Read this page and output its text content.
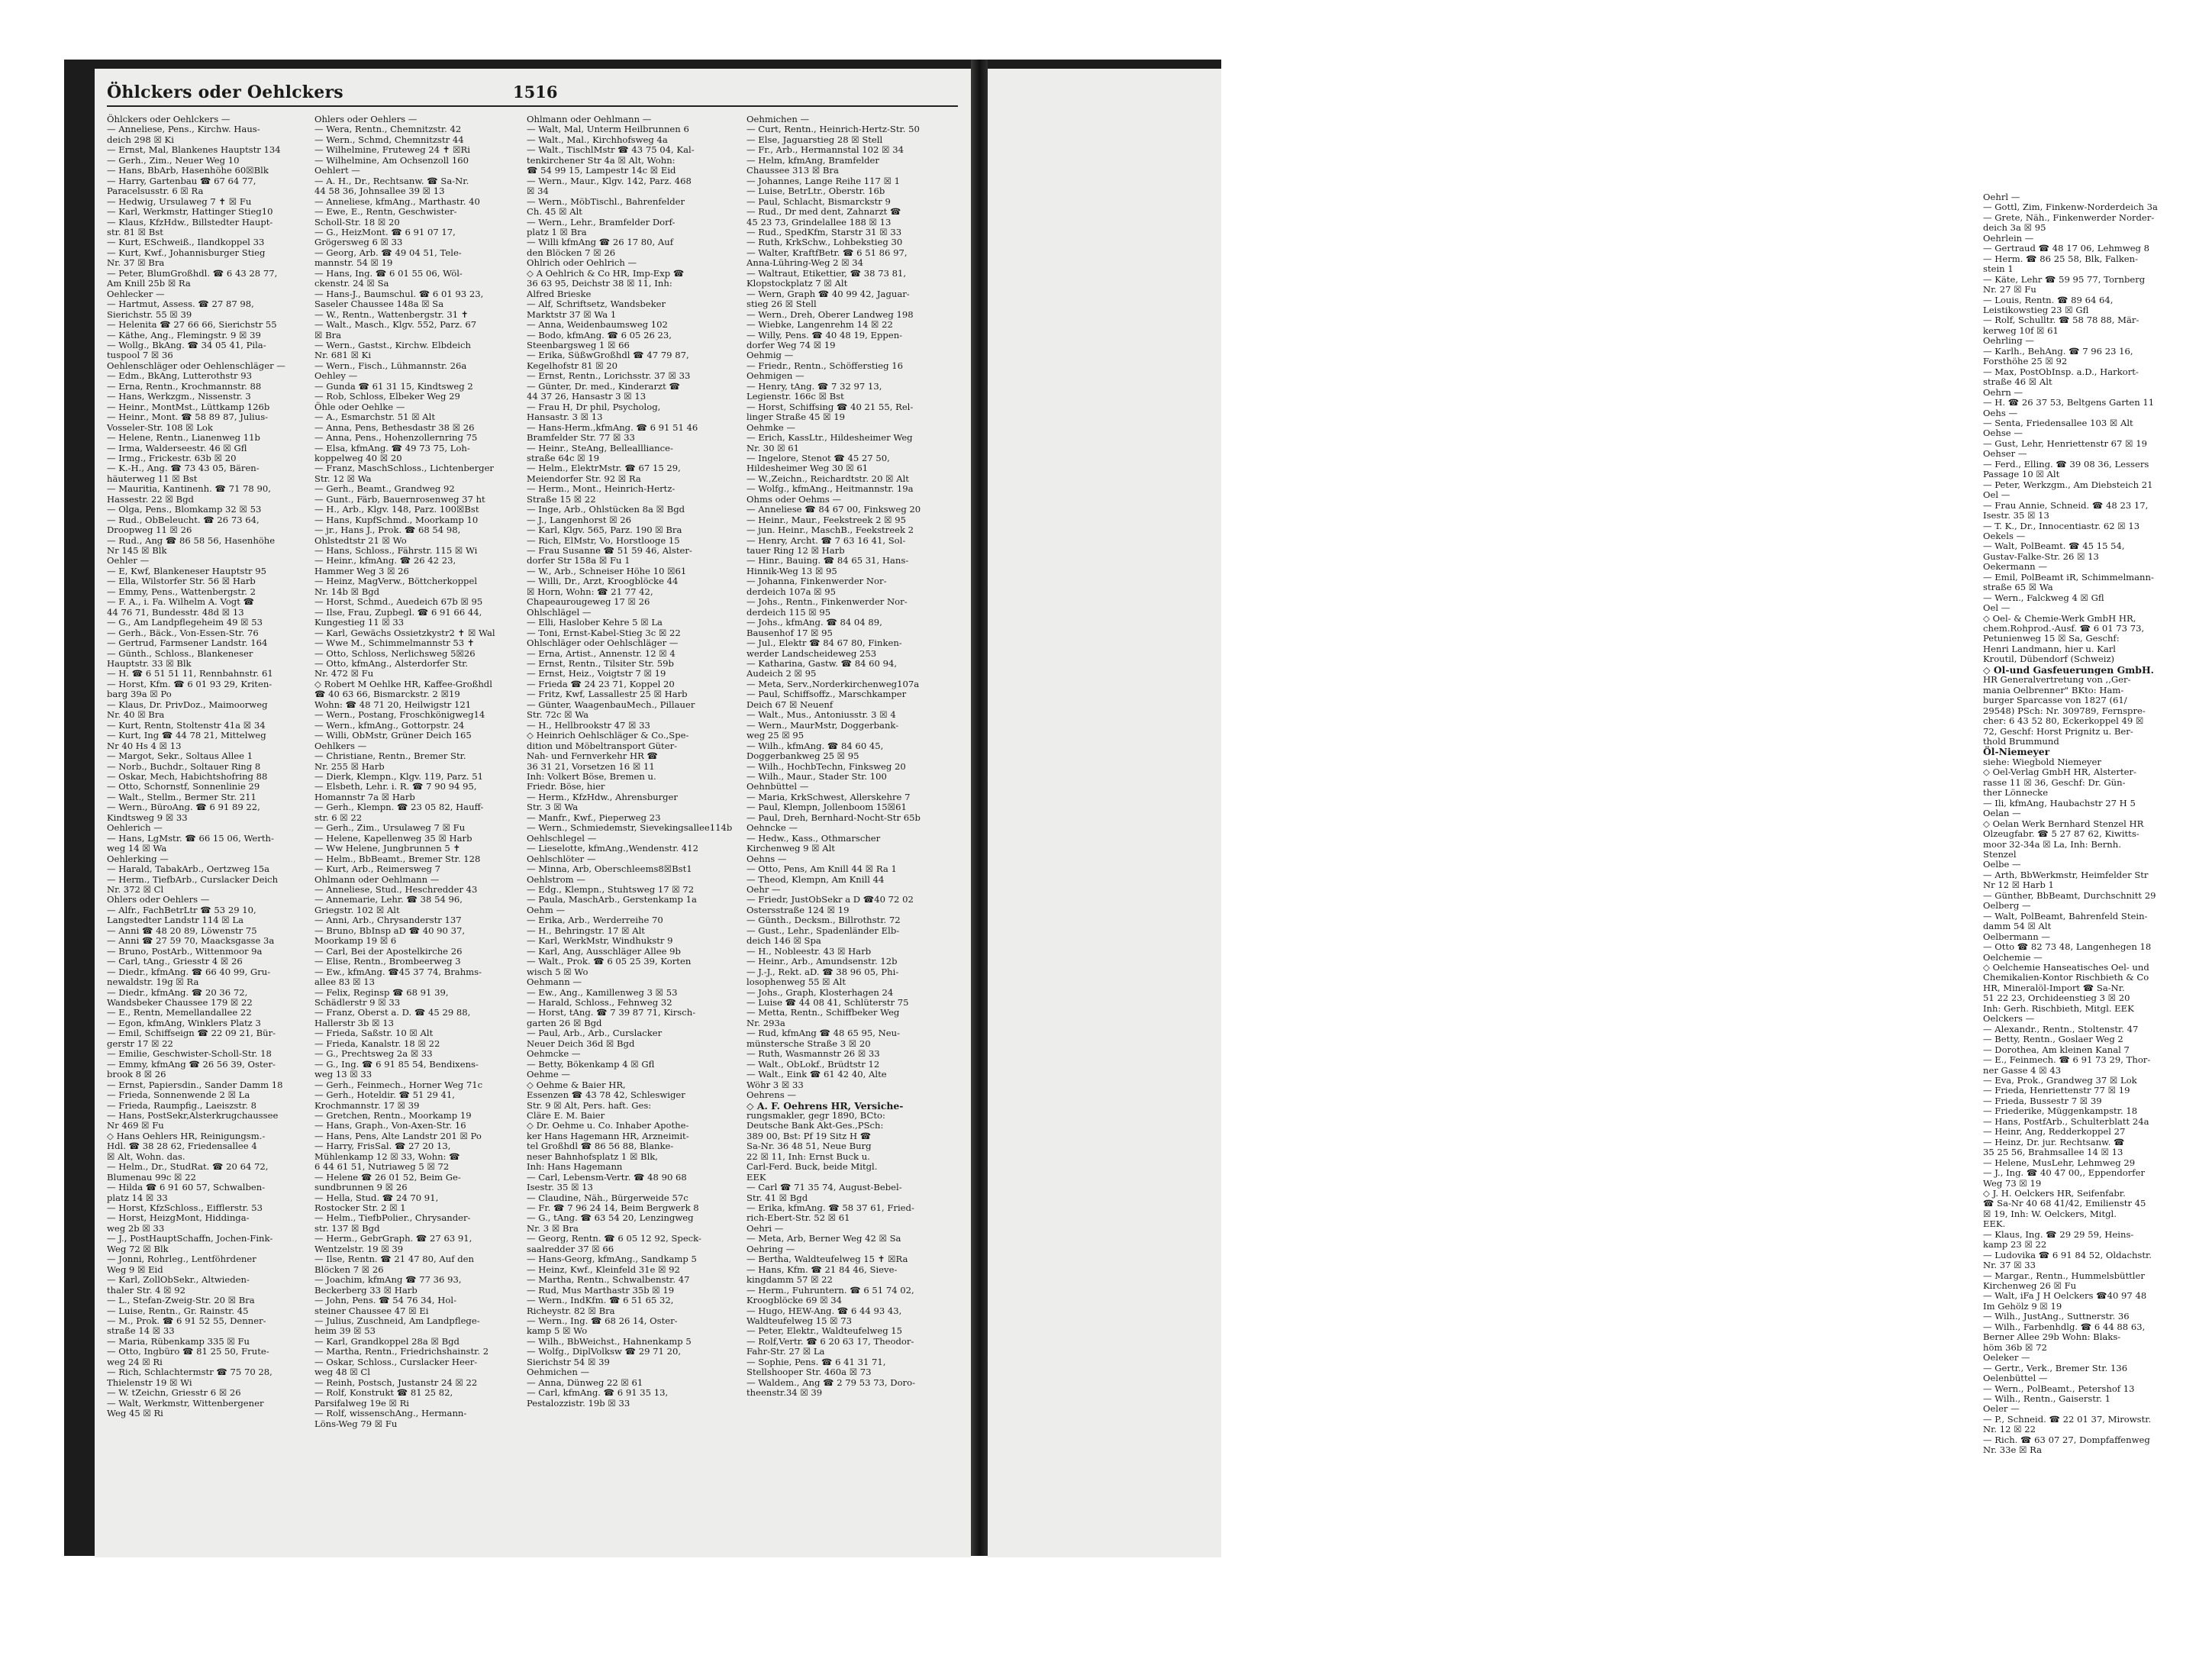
Oehrl —
— Gottl, Zim, Finkenw-Norderdeich 3a
— Grete, Näh., Finkenwerder Norder-
deich 3a ☒ 95
Oehrlein —
— Gertraud ☎ 48 17 06, Lehmweg 8
— Herm. ☎ 86 25 58, Blk, Falken-
stein 1
— Käte, Lehr ☎ 59 95 77, Tornberg
Nr. 27 ☒ Fu
— Louis, Rentn. ☎ 89 64 64,
Leistikowstieg 23 ☒ Gfl
— Rolf, Schulltr. ☎ 58 78 88, Mär-
kerweg 10f ☒ 61
Oehrling —
— Karlh., BehAng. ☎ 7 96 23 16,
Forsthöhe 25 ☒ 92
— Max, PostObInsp. a.D., Harkort-
straße 46 ☒ Alt
Oehrn —
— H. ☎ 26 37 53, Beltgens Garten 11
Oehs —
— Senta, Friedensallee 103 ☒ Alt
Oehse —
— Gust, Lehr, Henriettenstr 67 ☒ 19
Oehser —
— Ferd., Elling. ☎ 39 08 36, Lessers
Passage 10 ☒ Alt
— Peter, Werkzgm., Am Diebsteich 21
Oel —
— Frau Annie, Schneid. ☎ 48 23 17,
Isestr. 35 ☒ 13
— T. K., Dr., Innocentiastr. 62 ☒ 13
Oekels —
— Walt, PolBeamt. ☎ 45 15 54,
Gustav-Falke-Str. 26 ☒ 13
Oekermann —
— Emil, PolBeamt iR, Schimmelmann-
straße 65 ☒ Wa
— Wern., Falckweg 4 ☒ Gfl
Oel —
◇ Oel- & Chemie-Werk GmbH HR,
chem.Rohprod.-Ausf. ☎ 6 01 73 73,
Petunienweg 15 ☒ Sa, Geschf:
Henri Landmann, hier u. Karl
Kroutil, Dübendorf (Schweiz)
◇ Ol-und Gasfeuerungen GmbH.
HR Generalvertretung von ,,Ger-
mania Oelbrenner" BKto: Ham-
burger Sparcasse von 1827 (61/
29548) PSch: Nr. 309789, Fernspre-
cher: 6 43 52 80, Eckerkoppel 49 ☒
72, Geschf: Horst Prignitz u. Ber-
thold Brummund
Öl-Niemeyer
siehe: Wiegbold Niemeyer
◇ Oel-Verlag GmbH HR, Alsterter-
rasse 11 ☒ 36, Geschf: Dr. Gün-
ther Lönnecke
— Ili, kfmAng, Haubachstr 27 H 5
Oelan —
◇ Oelan Werk Bernhard Stenzel HR
Olzeugfabr. ☎ 5 27 87 62, Kiwitts-
moor 32-34a ☒ La, Inh: Bernh.
Stenzel
Oelbe —
— Arth, BbWerkmstr, Heimfelder Str
Nr 12 ☒ Harb 1
— Günther, BbBeamt, Durchschnitt 29
Oelberg —
— Walt, PolBeamt, Bahrenfeld Stein-
damm 54 ☒ Alt
Oelbermann —
— Otto ☎ 82 73 48, Langenhegen 18
Oelchemie —
◇ Oelchemie Hanseatisches Oel- und
Chemikalien-Kontor Rischbieth & Co
HR, Mineralöl-Import ☎ Sa-Nr.
51 22 23, Orchideenstieg 3 ☒ 20
Inh: Gerh. Rischbieth, Mitgl. EEK
Oelckers —
— Alexandr., Rentn., Stoltenstr. 47
— Betty, Rentn., Goslaer Weg 2
— Dorothea, Am kleinen Kanal 7
— E., Feinmech. ☎ 6 91 73 29, Thor-
ner Gasse 4 ☒ 43
— Eva, Prok., Grandweg 37 ☒ Lok
— Frieda, Henriettenstr 77 ☒ 19
— Frieda, Bussestr 7 ☒ 39
— Friederike, Müggenkampstr. 18
— Hans, PostfArb., Schulterblatt 24a
— Heinr, Ang, Redderkoppel 27
— Heinz, Dr. jur. Rechtsanw. ☎
35 25 56, Brahmsallee 14 ☒ 13
— Helene, MusLehr, Lehmweg 29
— J., Ing. ☎ 40 47 00,, Eppendorfer
Weg 73 ☒ 19
◇ J. H. Oelckers HR, Seifenfabr.
☎ Sa-Nr 40 68 41/42, Emilienstr 45
☒ 19, Inh: W. Oelckers, Mitgl.
EEK.
— Klaus, Ing. ☎ 29 29 59, Heins-
kamp 23 ☒ 22
— Ludovika ☎ 6 91 84 52, Oldachstr.
Nr. 37 ☒ 33
— Margar., Rentn., Hummelsbüttler
Kirchenweg 26 ☒ Fu
— Walt, iFa J H Oelckers ☎40 97 48
Im Gehölz 9 ☒ 19
— Wilh., JustAng., Suttnerstr. 36
— Wilh., Farbenhdlg. ☎ 6 44 88 63,
Berner Allee 29b Wohn: Blaks-
höm 36b ☒ 72
Oeleker —
— Gertr., Verk., Bremer Str. 136
Oelenbüttel —
— Wern., PolBeamt., Petershof 13
— Wilh., Rentn., Gaiserstr. 1
Oeler —
— P., Schneid. ☎ 22 01 37, Mirowstr.
Nr. 12 ☒ 22
— Rich. ☎ 63 07 27, Dompfaffenweg
Nr. 33e ☒ Ra
Öhlckers oder Oehlckers	1516
Öhlckers oder Oehlckers —
— Anneliese, Pens., Kirchw. Haus-
deich 298 ☒ Ki
— Ernst, Mal, Blankenes Hauptstr 134
— Gerh., Zim., Neuer Weg 10
— Hans, BbArb, Hasenhöhe 60☒Blk
— Harry, Gartenbau ☎ 67 64 77,
Paracelsusstr. 6 ☒ Ra
— Hedwig, Ursulaweg 7 ✝ ☒ Fu
— Karl, Werkmstr, Hattinger Stieg10
— Klaus, KfzHdw., Billstedter Haupt-
str. 81 ☒ Bst
— Kurt, ESchweiß., Ilandkoppel 33
— Kurt, Kwf., Johannisburger Stieg
Nr. 37 ☒ Bra
— Peter, BlumGroßhdl. ☎ 6 43 28 77,
Am Knill 25b ☒ Ra
Oehlecker —
— Hartmut, Assess. ☎ 27 87 98,
Sierichstr. 55 ☒ 39
— Helenita ☎ 27 66 66, Sierichstr 55
— Käthe, Ang., Flemingstr. 9 ☒ 39
— Wollg., BkAng. ☎ 34 05 41, Pila-
tuspool 7 ☒ 36
Oehlenschläger oder Oehlenschläger —
— Edm., BkAng, Lutterothstr 93
— Erna, Rentn., Krochmannstr. 88
— Hans, Werkzgm., Nissenstr. 3
— Heinr., MontMst., Lüttkamp 126b
— Heinr., Mont. ☎ 58 89 87, Julius-
Vosseler-Str. 108 ☒ Lok
— Helene, Rentn., Lianenweg 11b
— Irma, Walderseestr. 46 ☒ Gfl
— Irmg., Frickestr. 63b ☒ 20
— K.-H., Ang. ☎ 73 43 05, Bären-
häuterweg 11 ☒ Bst
— Mauritia, Kantinenh. ☎ 71 78 90,
Hassestr. 22 ☒ Bgd
— Olga, Pens., Blomkamp 32 ☒ 53
— Rud., ObBeleucht. ☎ 26 73 64,
Droopweg 11 ☒ 26
— Rud., Ang ☎ 86 58 56, Hasenhöhe
Nr 145 ☒ Blk
Oehler —
— E, Kwf, Blankeneser Hauptstr 95
— Ella, Wilstorfer Str. 56 ☒ Harb
— Emmy, Pens., Wattenbergstr. 2
— F. A., i. Fa. Wilhelm A. Vogt ☎
44 76 71, Bundesstr. 48d ☒ 13
— G., Am Landpflegeheim 49 ☒ 53
— Gerh., Bäck., Von-Essen-Str. 76
— Gertrud, Farmsener Landstr. 164
— Günth., Schloss., Blankeneser
Hauptstr. 33 ☒ Blk
— H. ☎ 6 51 51 11, Rennbahnstr. 61
— Horst, Kfm. ☎ 6 01 93 29, Kriten-
barg 39a ☒ Po
— Klaus, Dr. PrivDoz., Maimoorweg
Nr. 40 ☒ Bra
— Kurt, Rentn, Stoltenstr 41a ☒ 34
— Kurt, Ing ☎ 44 78 21, Mittelweg
Nr 40 Hs 4 ☒ 13
— Margot, Sekr., Soltaus Allee 1
— Norb., Buchdr., Soltauer Ring 8
— Oskar, Mech, Habichtshofring 88
— Otto, Schornstf, Sonnenlinie 29
— Walt., Stellm., Bermer Str. 211
— Wern., BüroAng. ☎ 6 91 89 22,
Kindtsweg 9 ☒ 33
Oehlerich —
— Hans, LgMstr. ☎ 66 15 06, Werth-
weg 14 ☒ Wa
Oehlerking —
— Harald, TabakArb., Oertzweg 15a
— Herm., TiefbArb., Curslacker Deich
Nr. 372 ☒ Cl
Ohlers oder Oehlers —
— Alfr., FachBetrLtr ☎ 53 29 10,
Langstedter Landstr 114 ☒ La
— Anni ☎ 48 20 89, Löwenstr 75
— Anni ☎ 27 59 70, Maacksgasse 3a
— Bruno, PostArb., Wittenmoor 9a
— Carl, tAng., Griesstr 4 ☒ 26
— Diedr., kfmAng. ☎ 66 40 99, Gru-
newaldstr. 19g ☒ Ra
— Diedr., kfmAng. ☎ 20 36 72,
Wandsbeker Chaussee 179 ☒ 22
— E., Rentn, Memellandallee 22
— Egon, kfmAng, Winklers Platz 3
— Emil, Schiffseign ☎ 22 09 21, Bür-
gerstr 17 ☒ 22
— Emilie, Geschwister-Scholl-Str. 18
— Emmy, kfmAng ☎ 26 56 39, Oster-
brook 8 ☒ 26
— Ernst, Papiersdin., Sander Damm 18
— Frieda, Sonnenwende 2 ☒ La
— Frieda, Raumpfig., Laeiszstr. 8
— Hans, PostSekr,Alsterkrugchaussee
Nr 469 ☒ Fu
◇ Hans Oehlers HR, Reinigungsm.-
Hdl. ☎ 38 28 62, Friedensallee 4
☒ Alt, Wohn. das.
— Helm., Dr., StudRat. ☎ 20 64 72,
Blumenau 99c ☒ 22
— Hilda ☎ 6 91 60 57, Schwalben-
platz 14 ☒ 33
— Horst, KfzSchloss., Eifflerstr. 53
— Horst, HeizgMont, Hiddinga-
weg 2b ☒ 33
— J., PostHauptSchaffn, Jochen-Fink-
Weg 72 ☒ Blk
— Jonni, Rohrleg., Lentföhrdener
Weg 9 ☒ Eid
— Karl, ZollObSekr., Altwieden-
thaler Str. 4 ☒ 92
— L., Stefan-Zweig-Str. 20 ☒ Bra
— Luise, Rentn., Gr. Rainstr. 45
— M., Prok. ☎ 6 91 52 55, Denner-
straße 14 ☒ 33
— Maria, Rübenkamp 335 ☒ Fu
— Otto, Ingbüro ☎ 81 25 50, Frute-
weg 24 ☒ Ri
— Rich, Schlachtermstr ☎ 75 70 28,
Thielenstr 19 ☒ Wi
— W. tZeichn, Griesstr 6 ☒ 26
— Walt, Werkmstr, Wittenbergener
Weg 45 ☒ Ri
Ohlers oder Oehlers —
— Wera, Rentn., Chemnitzstr. 42
— Wern., Schmd, Chemnitzstr 44
— Wilhelmine, Fruteweg 24 ✝ ☒Ri
— Wilhelmine, Am Ochsenzoll 160
Oehlert —
— A. H., Dr., Rechtsanw. ☎ Sa-Nr.
44 58 36, Johnsallee 39 ☒ 13
— Anneliese, kfmAng., Marthastr. 40
— Ewe, E., Rentn, Geschwister-
Scholl-Str. 18 ☒ 20
— G., HeizMont. ☎ 6 91 07 17,
Grögersweg 6 ☒ 33
— Georg, Arb. ☎ 49 04 51, Tele-
mannstr. 54 ☒ 19
— Hans, Ing. ☎ 6 01 55 06, Wöl-
ckenstr. 24 ☒ Sa
— Hans-J., Baumschul. ☎ 6 01 93 23,
Saseler Chaussee 148a ☒ Sa
— W., Rentn., Wattenbergstr. 31 ✝
— Walt., Masch., Klgv. 552, Parz. 67
☒ Bra
— Wern., Gastst., Kirchw. Elbdeich
Nr. 681 ☒ Ki
— Wern., Fisch., Lühmannstr. 26a
Oehley —
— Gunda ☎ 61 31 15, Kindtsweg 2
— Rob, Schloss, Elbeker Weg 29
Öhle oder Oehlke —
— A., Esmarchstr. 51 ☒ Alt
— Anna, Pens, Bethesdastr 38 ☒ 26
— Anna, Pens., Hohenzollernring 75
— Elsa, kfmAng. ☎ 49 73 75, Loh-
koppelweg 40 ☒ 20
— Franz, MaschSchloss., Lichtenberger
Str. 12 ☒ Wa
— Gerh., Beamt., Grandweg 92
— Gunt., Färb, Bauernrosenweg 37 ht
— H., Arb., Klgv. 148, Parz. 100☒Bst
— Hans, KupfSchmd., Moorkamp 10
— jr., Hans J., Prok. ☎ 68 54 98,
Ohlstedtstr 21 ☒ Wo
— Hans, Schloss., Fährstr. 115 ☒ Wi
— Heinr., kfmAng. ☎ 26 42 23,
Hammer Weg 3 ☒ 26
— Heinz, MagVerw., Böttcherkoppel
Nr. 14b ☒ Bgd
— Horst, Schmd., Auedeich 67b ☒ 95
— Ilse, Frau, Zupbegl. ☎ 6 91 66 44,
Kungestieg 11 ☒ 33
— Karl, Gewächs Ossietzkystr2 ✝ ☒ Wal
— Wwe M., Schimmelmannstr 53 ✝
— Otto, Schloss, Nerlichsweg 5☒26
— Otto, kfmAng., Alsterdorfer Str.
Nr. 472 ☒ Fu
◇ Robert M Oehlke HR, Kaffee-Großhdl
☎ 40 63 66, Bismarckstr. 2 ☒19
Wohn: ☎ 48 71 20, Heilwigstr 121
— Wern., Postang, Froschkönigweg14
— Wern., kfmAng., Gottorpstr. 24
— Willi, ObMstr, Grüner Deich 165
Oehlkers —
— Christiane, Rentn., Bremer Str.
Nr. 255 ☒ Harb
— Dierk, Klempn., Klgv. 119, Parz. 51
— Elsbeth, Lehr. i. R. ☎ 7 90 94 95,
Homannstr 7a ☒ Harb
— Gerh., Klempn. ☎ 23 05 82, Hauff-
str. 6 ☒ 22
— Gerh., Zim., Ursulaweg 7 ☒ Fu
— Helene, Kapellenweg 35 ☒ Harb
— Ww Helene, Jungbrunnen 5 ✝
— Helm., BbBeamt., Bremer Str. 128
— Kurt, Arb., Reimersweg 7
Ohlmann oder Oehlmann —
— Anneliese, Stud., Heschredder 43
— Annemarie, Lehr. ☎ 38 54 96,
Griegstr. 102 ☒ Alt
— Anni, Arb., Chrysanderstr 137
— Bruno, BbInsp aD ☎ 40 90 37,
Moorkamp 19 ☒ 6
— Carl, Bei der Apostelkirche 26
— Elise, Rentn., Brombeerweg 3
— Ew., kfmAng. ☎45 37 74, Brahms-
allee 83 ☒ 13
— Felix, Reginsp ☎ 68 91 39,
Schädlerstr 9 ☒ 33
— Franz, Oberst a. D. ☎ 45 29 88,
Hallerstr 3b ☒ 13
— Frieda, Saßstr. 10 ☒ Alt
— Frieda, Kanalstr. 18 ☒ 22
— G., Prechtsweg 2a ☒ 33
— G., Ing. ☎ 6 91 85 54, Bendixens-
weg 13 ☒ 33
— Gerh., Feinmech., Horner Weg 71c
— Gerh., Hoteldir. ☎ 51 29 41,
Krochmannstr. 17 ☒ 39
— Gretchen, Rentn., Moorkamp 19
— Hans, Graph., Von-Axen-Str. 16
— Hans, Pens, Alte Landstr 201 ☒ Po
— Harry, FrisSal. ☎ 27 20 13,
Mühlenkamp 12 ☒ 33, Wohn: ☎
6 44 61 51, Nutriaweg 5 ☒ 72
— Helene ☎ 26 01 52, Beim Ge-
sundbrunnen 9 ☒ 26
— Hella, Stud. ☎ 24 70 91,
Rostocker Str. 2 ☒ 1
— Helm., TiefbPolier., Chrysander-
str. 137 ☒ Bgd
— Herm., GebrGraph. ☎ 27 63 91,
Wentzelstr. 19 ☒ 39
— Ilse, Rentn. ☎ 21 47 80, Auf den
Blöcken 7 ☒ 26
— Joachim, kfmAng ☎ 77 36 93,
Beckerberg 33 ☒ Harb
— John, Pens. ☎ 54 76 34, Hol-
steiner Chaussee 47 ☒ Ei
— Julius, Zuschneid, Am Landpflege-
heim 39 ☒ 53
— Karl, Grandkoppel 28a ☒ Bgd
— Martha, Rentn., Friedrichshainstr. 2
— Oskar, Schloss., Curslacker Heer-
weg 48 ☒ Cl
— Reinh, Postsch, Justanstr 24 ☒ 22
— Rolf, Konstrukt ☎ 81 25 82,
Parsifalweg 19e ☒ Ri
— Rolf, wissenschAng., Hermann-
Löns-Weg 79 ☒ Fu
Ohlmann oder Oehlmann —
— Walt, Mal, Unterm Heilbrunnen 6
— Walt., Mal., Kirchhofsweg 4a
— Walt., TischlMstr ☎ 43 75 04, Kal-
tenkirchener Str 4a ☒ Alt, Wohn:
☎ 54 99 15, Lampestr 14c ☒ Eid
— Wern., Maur., Klgv. 142, Parz. 468
☒ 34
— Wern., MöbTischl., Bahrenfelder
Ch. 45 ☒ Alt
— Wern., Lehr., Bramfelder Dorf-
platz 1 ☒ Bra
— Willi kfmAng ☎ 26 17 80, Auf
den Blöcken 7 ☒ 26
Ohlrich oder Oehlrich —
◇ A Oehlrich & Co HR, Imp-Exp ☎
36 63 95, Deichstr 38 ☒ 11, Inh:
Alfred Brieske
— Alf, Schriftsetz, Wandsbeker
Marktstr 37 ☒ Wa 1
— Anna, Weidenbaumsweg 102
— Bodo, kfmAng. ☎ 6 05 26 23,
Steenbargsweg 1 ☒ 66
— Erika, SüßwGroßhdl ☎ 47 79 87,
Kegelhofstr 81 ☒ 20
— Ernst, Rentn., Lorichsstr. 37 ☒ 33
— Günter, Dr. med., Kinderarzt ☎
44 37 26, Hansastr 3 ☒ 13
— Frau H, Dr phil, Psycholog,
Hansastr. 3 ☒ 13
— Hans-Herm.,kfmAng. ☎ 6 91 51 46
Bramfelder Str. 77 ☒ 33
— Heinr., SteAng, Belleallliance-
straße 64c ☒ 19
— Helm., ElektrMstr. ☎ 67 15 29,
Meiendorfer Str. 92 ☒ Ra
— Herm., Mont., Heinrich-Hertz-
Straße 15 ☒ 22
— Inge, Arb., Ohlstücken 8a ☒ Bgd
— J., Langenhorst ☒ 26
— Karl, Klgv. 565, Parz. 190 ☒ Bra
— Rich, ElMstr, Vo, Horstlooge 15
— Frau Susanne ☎ 51 59 46, Alster-
dorfer Str 158a ☒ Fu 1
— W., Arb., Schneiser Höhe 10 ☒61
— Willi, Dr., Arzt, Kroogblöcke 44
☒ Horn, Wohn: ☎ 21 77 42,
Chapeaurougeweg 17 ☒ 26
Ohlschlägel —
— Elli, Haslober Kehre 5 ☒ La
— Toni, Ernst-Kabel-Stieg 3c ☒ 22
Ohlschläger oder Oehlschläger —
— Erna, Artist., Annenstr. 12 ☒ 4
— Ernst, Rentn., Tilsiter Str. 59b
— Ernst, Heiz., Voigtstr 7 ☒ 19
— Frieda ☎ 24 23 71, Koppel 20
— Fritz, Kwf, Lassallestr 25 ☒ Harb
— Günter, WaagenbauMech., Pillauer
Str. 72c ☒ Wa
— H., Hellbrookstr 47 ☒ 33
◇ Heinrich Oehlschläger & Co.,Spe-
dition und Möbeltransport Güter-
Nah- und Fernverkehr HR ☎
36 31 21, Vorsetzen 16 ☒ 11
Inh: Volkert Böse, Bremen u.
Friedr. Böse, hier
— Herm., KfzHdw., Ahrensburger
Str. 3 ☒ Wa
— Manfr., Kwf., Pieperweg 23
— Wern., Schmiedemstr, Sievekingsallee114b
Oehlschlegel —
— Lieselotte, kfmAng.,Wendenstr. 412
Oehlschlöter —
— Minna, Arb, Oberschleems8☒Bst1
Oehlstrom —
— Edg., Klempn., Stuhtsweg 17 ☒ 72
— Paula, MaschArb., Gerstenkamp 1a
Oehm —
— Erika, Arb., Werderreihe 70
— H., Behringstr. 17 ☒ Alt
— Karl, WerkMstr, Windhukstr 9
— Karl, Ang, Ausschläger Allee 9b
— Walt., Prok. ☎ 6 05 25 39, Korten
wisch 5 ☒ Wo
Oehmann —
— Ew., Ang., Kamillenweg 3 ☒ 53
— Harald, Schloss., Fehnweg 32
— Horst, tAng. ☎ 7 39 87 71, Kirsch-
garten 26 ☒ Bgd
— Paul, Arb., Arb., Curslacker
Neuer Deich 36d ☒ Bgd
Oehmcke —
— Betty, Bökenkamp 4 ☒ Gfl
Oehme —
◇ Oehme & Baier HR,
Essenzen ☎ 43 78 42, Schleswiger
Str. 9 ☒ Alt, Pers. haft. Ges:
Cläre E. M. Baier
◇ Dr. Oehme u. Co. Inhaber Apothe-
ker Hans Hagemann HR, Arzneimit-
tel Großhdl ☎ 86 56 88, Blanke-
neser Bahnhofsplatz 1 ☒ Blk,
Inh: Hans Hagemann
— Carl, Lebensm-Vertr. ☎ 48 90 68
Isestr. 35 ☒ 13
— Claudine, Näh., Bürgerweide 57c
— Fr. ☎ 7 96 24 14, Beim Bergwerk 8
— G., tAng. ☎ 63 54 20, Lenzingweg
Nr. 3 ☒ Bra
— Georg, Rentn. ☎ 6 05 12 92, Speck-
saalredder 37 ☒ 66
— Hans-Georg, kfmAng., Sandkamp 5
— Heinz, Kwf., Kleinfeld 31e ☒ 92
— Martha, Rentn., Schwalbenstr. 47
— Rud, Mus Marthastr 35b ☒ 19
— Wern., IndKfm. ☎ 6 51 65 32,
Richeystr. 82 ☒ Bra
— Wern., Ing. ☎ 68 26 14, Oster-
kamp 5 ☒ Wo
— Wilh., BbWeichst., Hahnenkamp 5
— Wolfg., DiplVolksw ☎ 29 71 20,
Sierichstr 54 ☒ 39
Oehmichen —
— Anna, Dünweg 22 ☒ 61
— Carl, kfmAng. ☎ 6 91 35 13,
Pestalozzistr. 19b ☒ 33
Oehmichen —
— Curt, Rentn., Heinrich-Hertz-Str. 50
— Else, Jaguarstieg 28 ☒ Stell
— Fr., Arb., Hermannstal 102 ☒ 34
— Helm, kfmAng, Bramfelder
Chaussee 313 ☒ Bra
— Johannes, Lange Reihe 117 ☒ 1
— Luise, BetrLtr., Oberstr. 16b
— Paul, Schlacht, Bismarckstr 9
— Rud., Dr med dent, Zahnarzt ☎
45 23 73, Grindelallee 188 ☒ 13
— Rud., SpedKfm, Starstr 31 ☒ 33
— Ruth, KrkSchw., Lohbekstieg 30
— Walter, KraftfBetr. ☎ 6 51 86 97,
Anna-Lühring-Weg 2 ☒ 34
— Waltraut, Etikettier, ☎ 38 73 81,
Klopstockplatz 7 ☒ Alt
— Wern, Graph ☎ 40 99 42, Jaguar-
stieg 26 ☒ Stell
— Wern., Dreh, Oberer Landweg 198
— Wiebke, Langenrehm 14 ☒ 22
— Willy, Pens. ☎ 40 48 19, Eppen-
dorfer Weg 74 ☒ 19
Oehmig —
— Friedr., Rentn., Schöfferstieg 16
Oehmigen —
— Henry, tAng. ☎ 7 32 97 13,
Legienstr. 166c ☒ Bst
— Horst, Schiffsing ☎ 40 21 55, Rel-
linger Straße 45 ☒ 19
Oehmke —
— Erich, KassLtr., Hildesheimer Weg
Nr. 30 ☒ 61
— Ingelore, Stenot ☎ 45 27 50,
Hildesheimer Weg 30 ☒ 61
— W.,Zeichn., Reichardtstr. 20 ☒ Alt
— Wolfg., kfmAng., Heitmannstr. 19a
Ohms oder Oehms —
— Anneliese ☎ 84 67 00, Finksweg 20
— Heinr., Maur., Feekstreek 2 ☒ 95
— jun. Heinr., MaschB., Feekstreek 2
— Henry, Archt. ☎ 7 63 16 41, Sol-
tauer Ring 12 ☒ Harb
— Hinr., Bauing. ☎ 84 65 31, Hans-
Hinnik-Weg 13 ☒ 95
— Johanna, Finkenwerder Nor-
derdeich 107a ☒ 95
— Johs., Rentn., Finkenwerder Nor-
derdeich 115 ☒ 95
— Johs., kfmAng. ☎ 84 04 89,
Bausenhof 17 ☒ 95
— Jul., Elektr ☎ 84 67 80, Finken-
werder Landscheideweg 253
— Katharina, Gastw. ☎ 84 60 94,
Audeich 2 ☒ 95
— Meta, Serv.,Norderkirchenweg107a
— Paul, Schiffsoffz., Marschkamper
Deich 67 ☒ Neuenf
— Walt., Mus., Antoniusstr. 3 ☒ 4
— Wern., MaurMstr, Doggerbank-
weg 25 ☒ 95
— Wilh., kfmAng. ☎ 84 60 45,
Doggerbankweg 25 ☒ 95
— Wilh., HochbTechn, Finksweg 20
— Wilh., Maur., Stader Str. 100
Oehnbüttel —
— Maria, KrkSchwest, Allerskehre 7
— Paul, Klempn, Jollenboom 15☒61
— Paul, Dreh, Bernhard-Nocht-Str 65b
Oehncke —
— Hedw., Kass., Othmarscher
Kirchenweg 9 ☒ Alt
Oehns —
— Otto, Pens, Am Knill 44 ☒ Ra 1
— Theod, Klempn, Am Knill 44
Oehr —
— Friedr, JustObSekr a D ☎40 72 02
Ostersstraße 124 ☒ 19
— Günth., Decksm., Billrothstr. 72
— Gust., Lehr., Spadenländer Elb-
deich 146 ☒ Spa
— H., Nobleestr. 43 ☒ Harb
— Heinr., Arb., Amundsenstr. 12b
— J.-J., Rekt. aD. ☎ 38 96 05, Phi-
losophenweg 55 ☒ Alt
— Johs., Graph, Klosterhagen 24
— Luise ☎ 44 08 41, Schlüterstr 75
— Metta, Rentn., Schiffbeker Weg
Nr. 293a
— Rud, kfmAng ☎ 48 65 95, Neu-
münstersche Straße 3 ☒ 20
— Ruth, Wasmannstr 26 ☒ 33
— Walt., ObLokf., Brüdtstr 12
— Walt., Eink ☎ 61 42 40, Alte
Wöhr 3 ☒ 33
Oehrens —
◇ A. F. Oehrens HR, Versiche-
rungsmakler, gegr 1890, BCto:
Deutsche Bank Akt-Ges.,PSch:
389 00, Bst: Pf 19 Sitz H ☎
Sa-Nr. 36 48 51, Neue Burg
22 ☒ 11, Inh: Ernst Buck u.
Carl-Ferd. Buck, beide Mitgl.
EEK
— Carl ☎ 71 35 74, August-Bebel-
Str. 41 ☒ Bgd
— Erika, kfmAng. ☎ 58 37 61, Fried-
rich-Ebert-Str. 52 ☒ 61
Oehri —
— Meta, Arb, Berner Weg 42 ☒ Sa
Oehring —
— Bertha, Waldteufelweg 15 ✝ ☒Ra
— Hans, Kfm. ☎ 21 84 46, Sieve-
kingdamm 57 ☒ 22
— Herm., Fuhruntern. ☎ 6 51 74 02,
Kroogblöcke 69 ☒ 34
— Hugo, HEW-Ang. ☎ 6 44 93 43,
Waldteufelweg 15 ☒ 73
— Peter, Elektr., Waldteufelweg 15
— Rolf,Vertr. ☎ 6 20 63 17, Theodor-
Fahr-Str. 27 ☒ La
— Sophie, Pens. ☎ 6 41 31 71,
Stellshooper Str. 460a ☒ 73
— Waldem., Ang ☎ 2 79 53 73, Doro-
theenstr.34 ☒ 39
